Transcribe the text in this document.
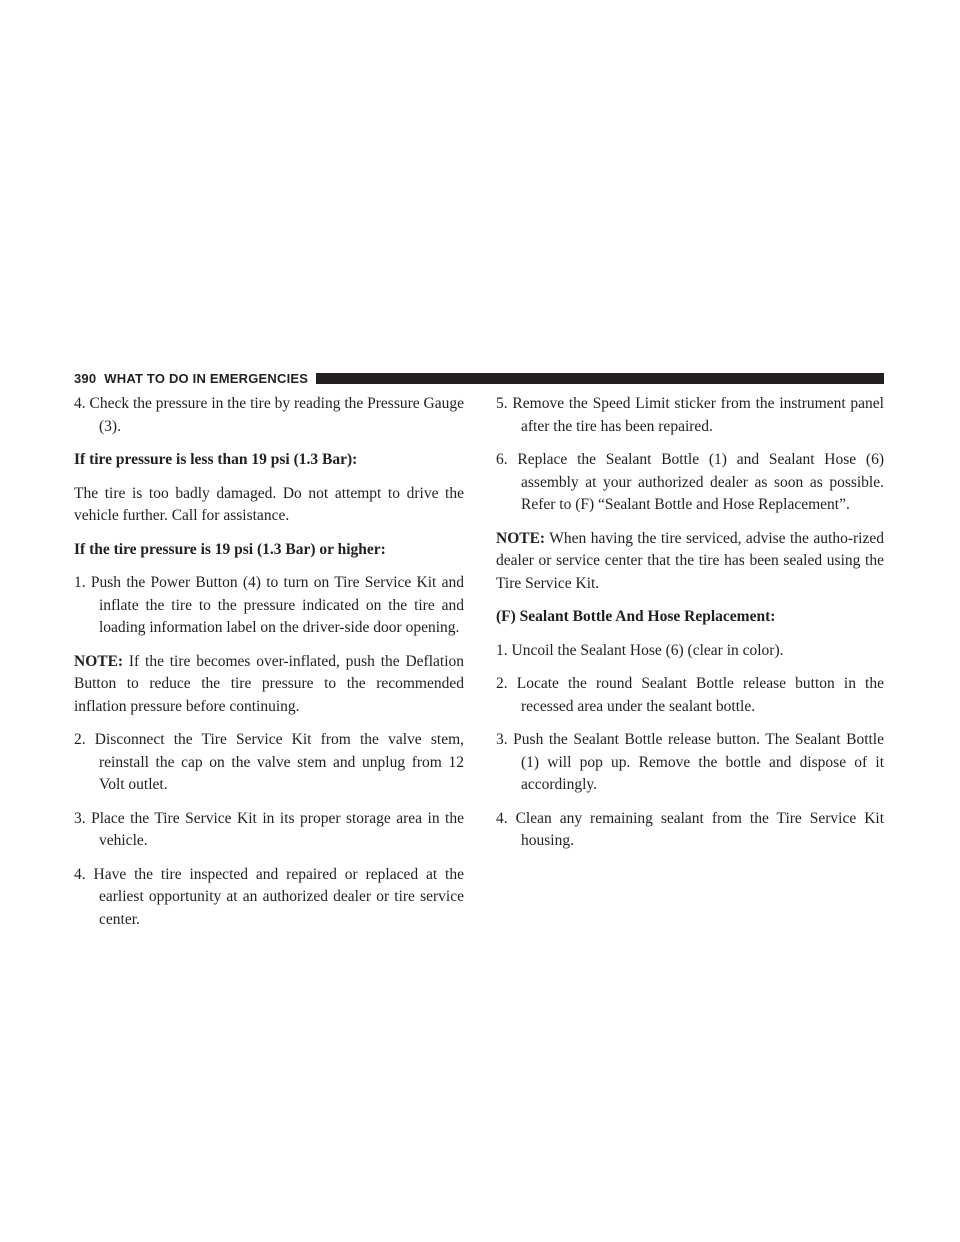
390 WHAT TO DO IN EMERGENCIES

4. Check the pressure in the tire by reading the Pressure Gauge (3).

If tire pressure is less than 19 psi (1.3 Bar):

The tire is too badly damaged. Do not attempt to drive the vehicle further. Call for assistance.

If the tire pressure is 19 psi (1.3 Bar) or higher:

1. Push the Power Button (4) to turn on Tire Service Kit and inflate the tire to the pressure indicated on the tire and loading information label on the driver-side door opening.

NOTE: If the tire becomes over-inflated, push the Deflation Button to reduce the tire pressure to the recommended inflation pressure before continuing.

2. Disconnect the Tire Service Kit from the valve stem, reinstall the cap on the valve stem and unplug from 12 Volt outlet.

3. Place the Tire Service Kit in its proper storage area in the vehicle.

4. Have the tire inspected and repaired or replaced at the earliest opportunity at an authorized dealer or tire service center.

5. Remove the Speed Limit sticker from the instrument panel after the tire has been repaired.

6. Replace the Sealant Bottle (1) and Sealant Hose (6) assembly at your authorized dealer as soon as possible. Refer to (F) “Sealant Bottle and Hose Replacement”.

NOTE: When having the tire serviced, advise the autho-rized dealer or service center that the tire has been sealed using the Tire Service Kit.

(F) Sealant Bottle And Hose Replacement:

1. Uncoil the Sealant Hose (6) (clear in color).

2. Locate the round Sealant Bottle release button in the recessed area under the sealant bottle.

3. Push the Sealant Bottle release button. The Sealant Bottle (1) will pop up. Remove the bottle and dispose of it accordingly.

4. Clean any remaining sealant from the Tire Service Kit housing.
